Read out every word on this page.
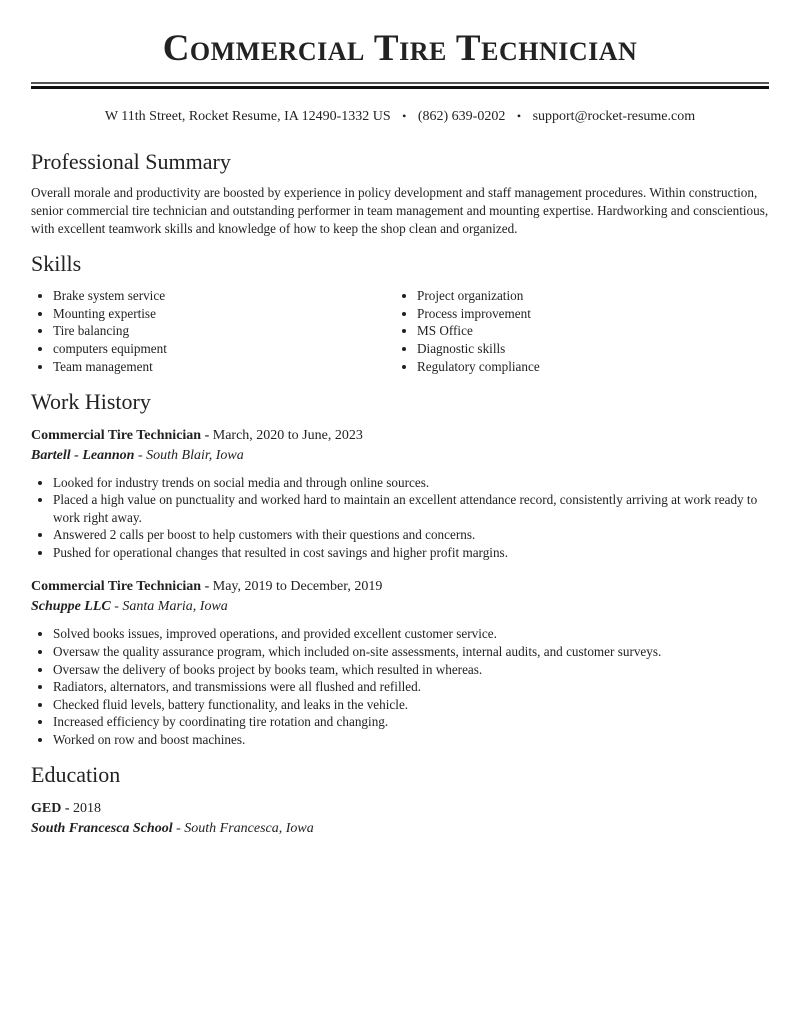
Commercial Tire Technician
W 11th Street, Rocket Resume, IA 12490-1332 US • (862) 639-0202 • support@rocket-resume.com
Professional Summary

Overall morale and productivity are boosted by experience in policy development and staff management procedures. Within construction, senior commercial tire technician and outstanding performer in team management and mounting expertise. Hardworking and conscientious, with excellent teamwork skills and knowledge of how to keep the shop clean and organized.

Skills
• Brake system service
• Mounting expertise
• Tire balancing
• computers equipment
• Team management
• Project organization
• Process improvement
• MS Office
• Diagnostic skills
• Regulatory compliance
Work History
Commercial Tire Technician - March, 2020 to June, 2023
Bartell - Leannon - South Blair, Iowa
• Looked for industry trends on social media and through online sources.
• Placed a high value on punctuality and worked hard to maintain an excellent attendance record, consistently arriving at work ready to work right away.
• Answered 2 calls per boost to help customers with their questions and concerns.
• Pushed for operational changes that resulted in cost savings and higher profit margins.
Commercial Tire Technician - May, 2019 to December, 2019
Schuppe LLC - Santa Maria, Iowa
• Solved books issues, improved operations, and provided excellent customer service.
• Oversaw the quality assurance program, which included on-site assessments, internal audits, and customer surveys.
• Oversaw the delivery of books project by books team, which resulted in whereas.
• Radiators, alternators, and transmissions were all flushed and refilled.
• Checked fluid levels, battery functionality, and leaks in the vehicle.
• Increased efficiency by coordinating tire rotation and changing.
• Worked on row and boost machines.
Education
GED - 2018
South Francesca School - South Francesca, Iowa
